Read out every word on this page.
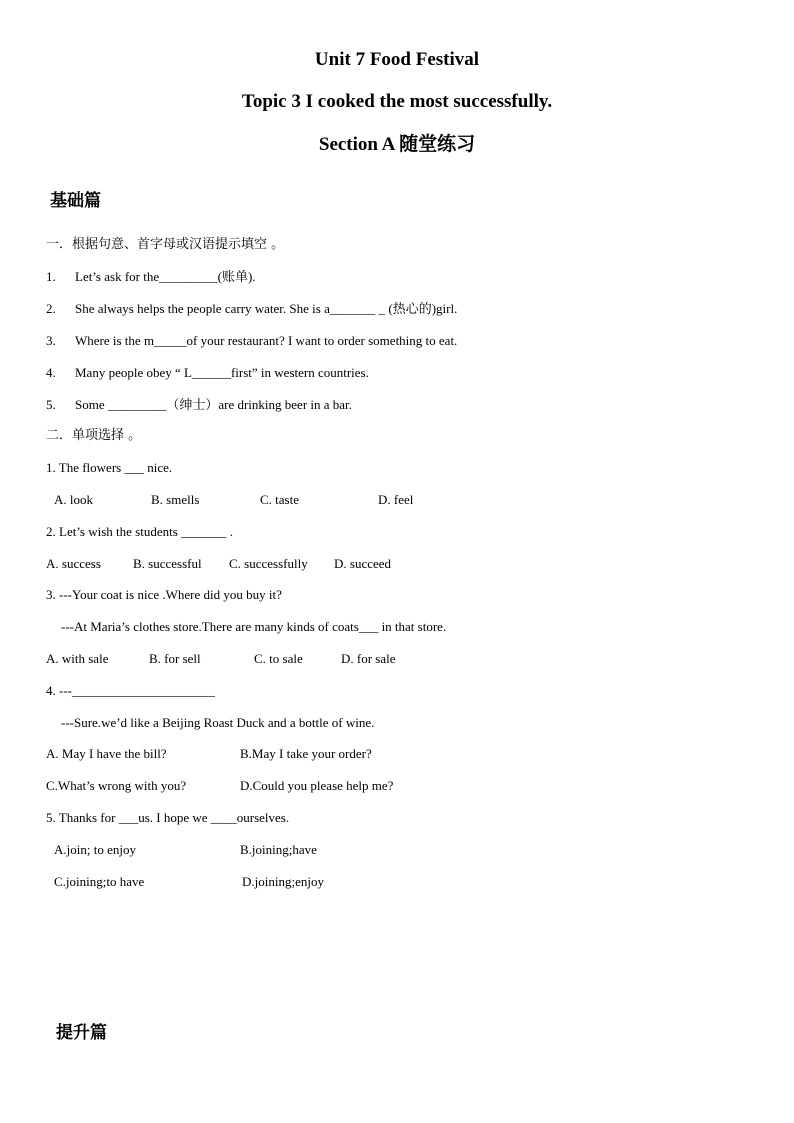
Unit 7 Food Festival
Topic 3 I cooked the most successfully.
Section A 随堂练习
基础篇
一．根据句意、首字母或汉语提示填空 。
1. Let’s ask for the_________(账单).
2. She always helps the people carry water. She is a_______ _ (热心的)girl.
3. Where is the m_____of your restaurant? I want to order something to eat.
4. Many people obey “ L______first” in western countries.
5. Some _________（绅士）are drinking beer in a bar.
二．单项选择 。
1. The flowers ___ nice.
A. look	B. smells	C. taste	D. feel
2. Let’s wish the students _______ .
A. success B. successful C. successfully D. succeed
3. ---Your coat is nice .Where did you buy it?
---At Maria’s clothes store.There are many kinds of coats___ in that store.
A. with sale	B. for sell	C. to sale	D. for sale
4. ---______________________
---Sure.we’d like a Beijing Roast Duck and a bottle of wine.
A. May I have the bill?	B.May I take your order?
C.What’s wrong with you?	D.Could you please help me?
5. Thanks for ___us. I hope we ____ourselves.
A.join; to enjoy	B.joining;have
C.joining;to have	D.joining;enjoy
提升篇
